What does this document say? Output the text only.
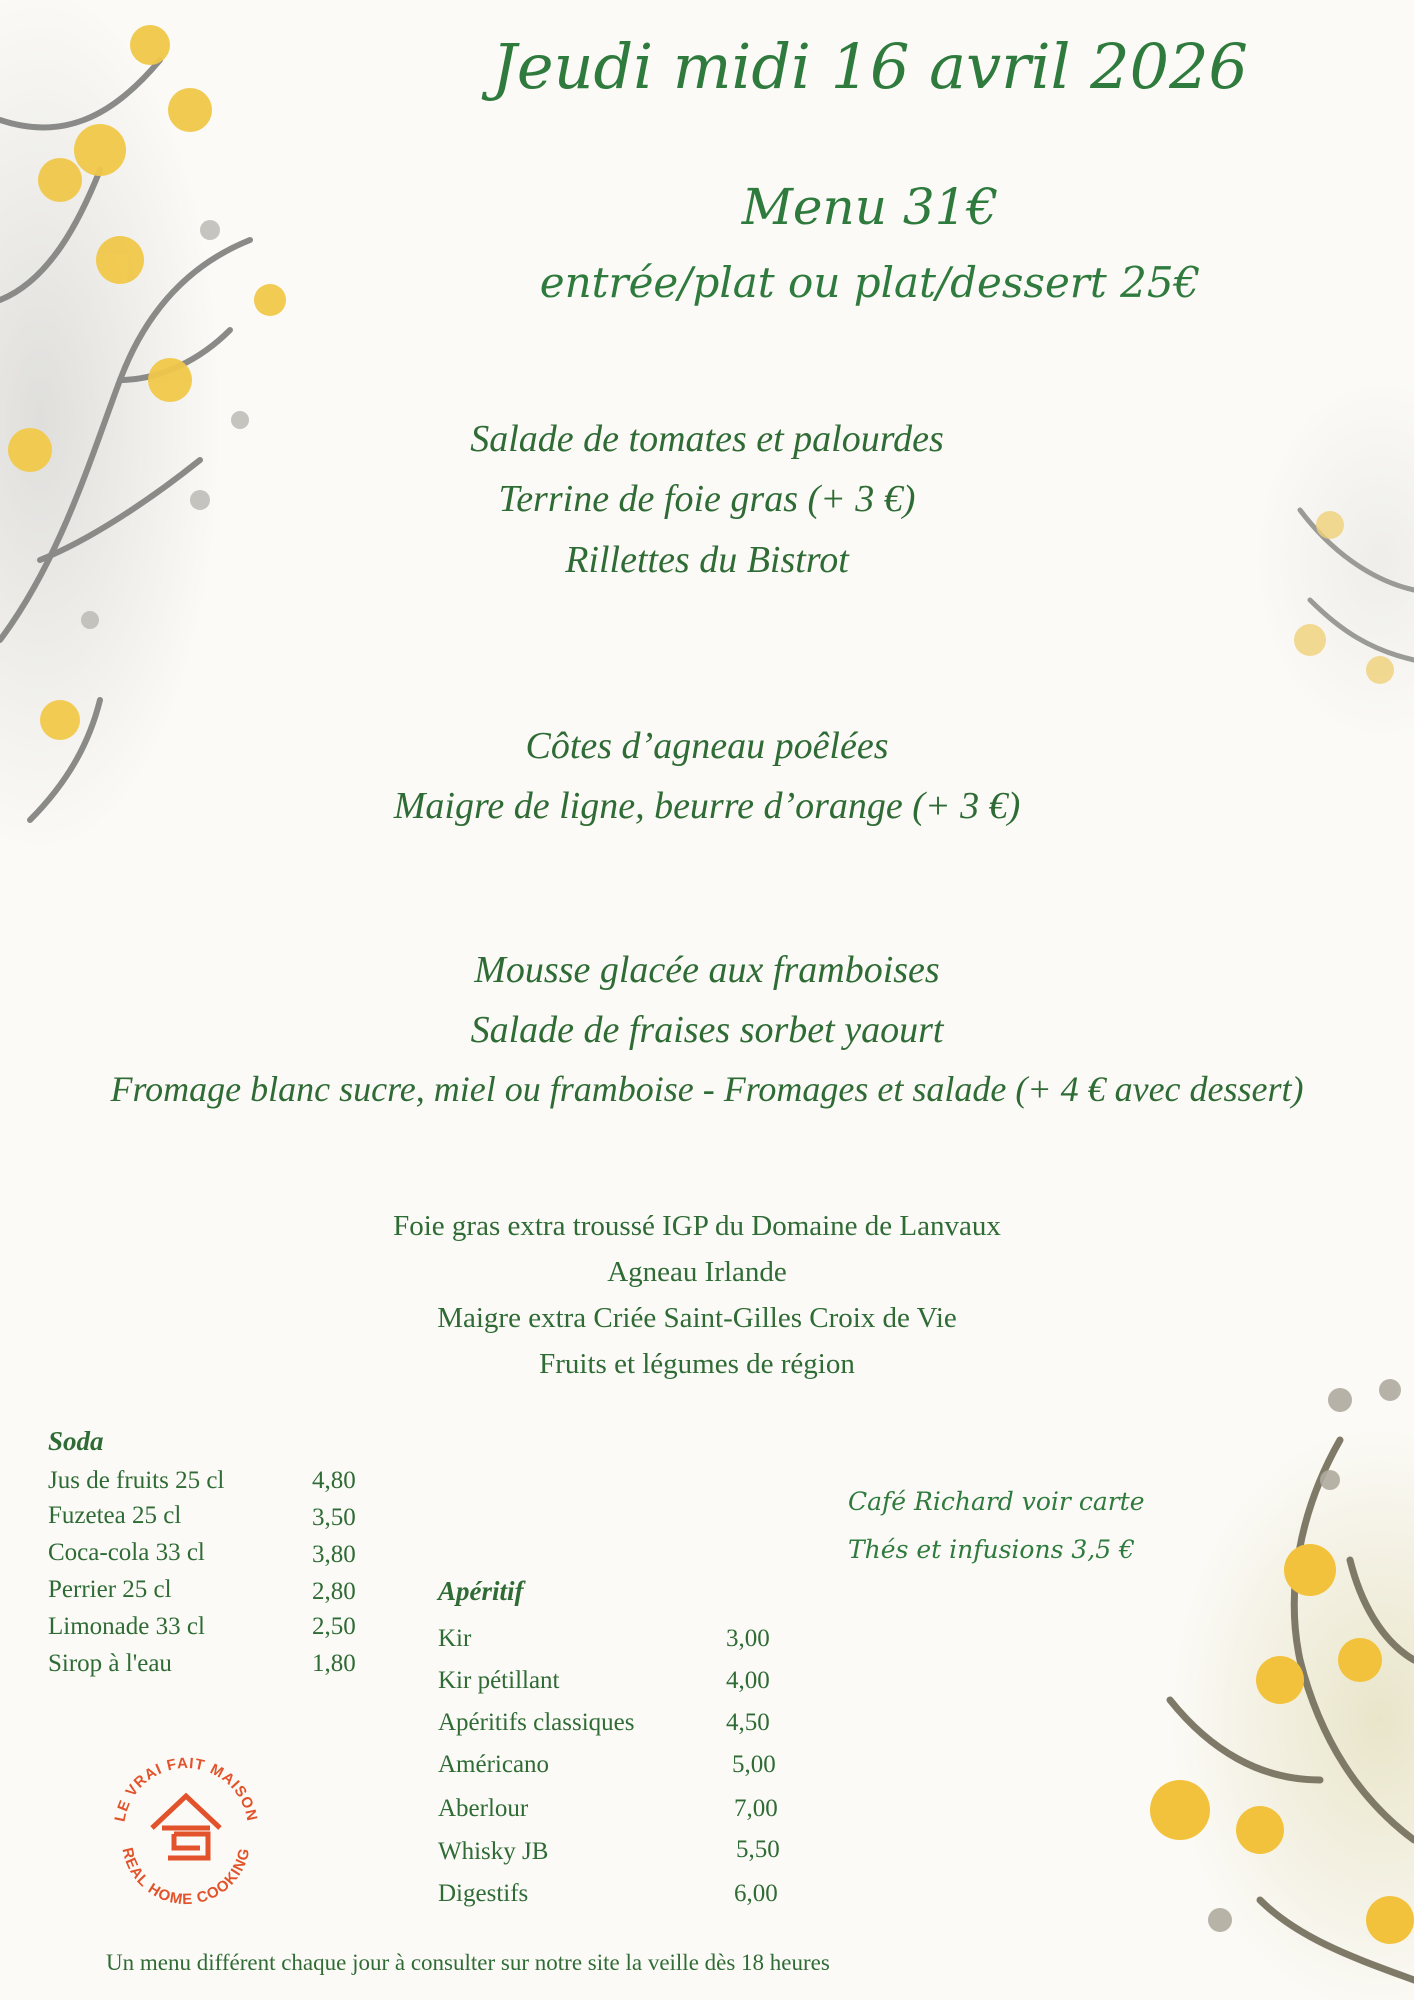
Jeudi midi 16 avril 2026
Menu 31€
entrée/plat ou plat/dessert 25€
Salade de tomates et palourdes
Terrine de foie gras (+ 3 €)
Rillettes du Bistrot
Côtes d’agneau poêlées
Maigre de ligne, beurre d’orange (+ 3 €)
Mousse glacée aux framboises
Salade de fraises sorbet yaourt
Fromage blanc sucre, miel ou framboise - Fromages et salade (+ 4 € avec dessert)
Foie gras extra troussé IGP du Domaine de Lanvaux
Agneau Irlande
Maigre extra Criée Saint-Gilles Croix de Vie
Fruits et légumes de région
Soda
Jus de fruits 25 cl	4,80
Fuzetea 25 cl	3,50
Coca-cola 33 cl	3,80
Perrier 25 cl	2,80
Limonade 33 cl	2,50
Sirop à l'eau	1,80
Apéritif
Kir	3,00
Kir pétillant	4,00
Apéritifs classiques	4,50
Américano	5,00
Aberlour	7,00
Whisky JB	5,50
Digestifs	6,00
Café Richard voir carte
Thés et infusions 3,5 €
LE VRAI FAIT MAISON
REAL HOME COOKING
Un menu différent chaque jour à consulter sur notre site la veille dès 18 heures
